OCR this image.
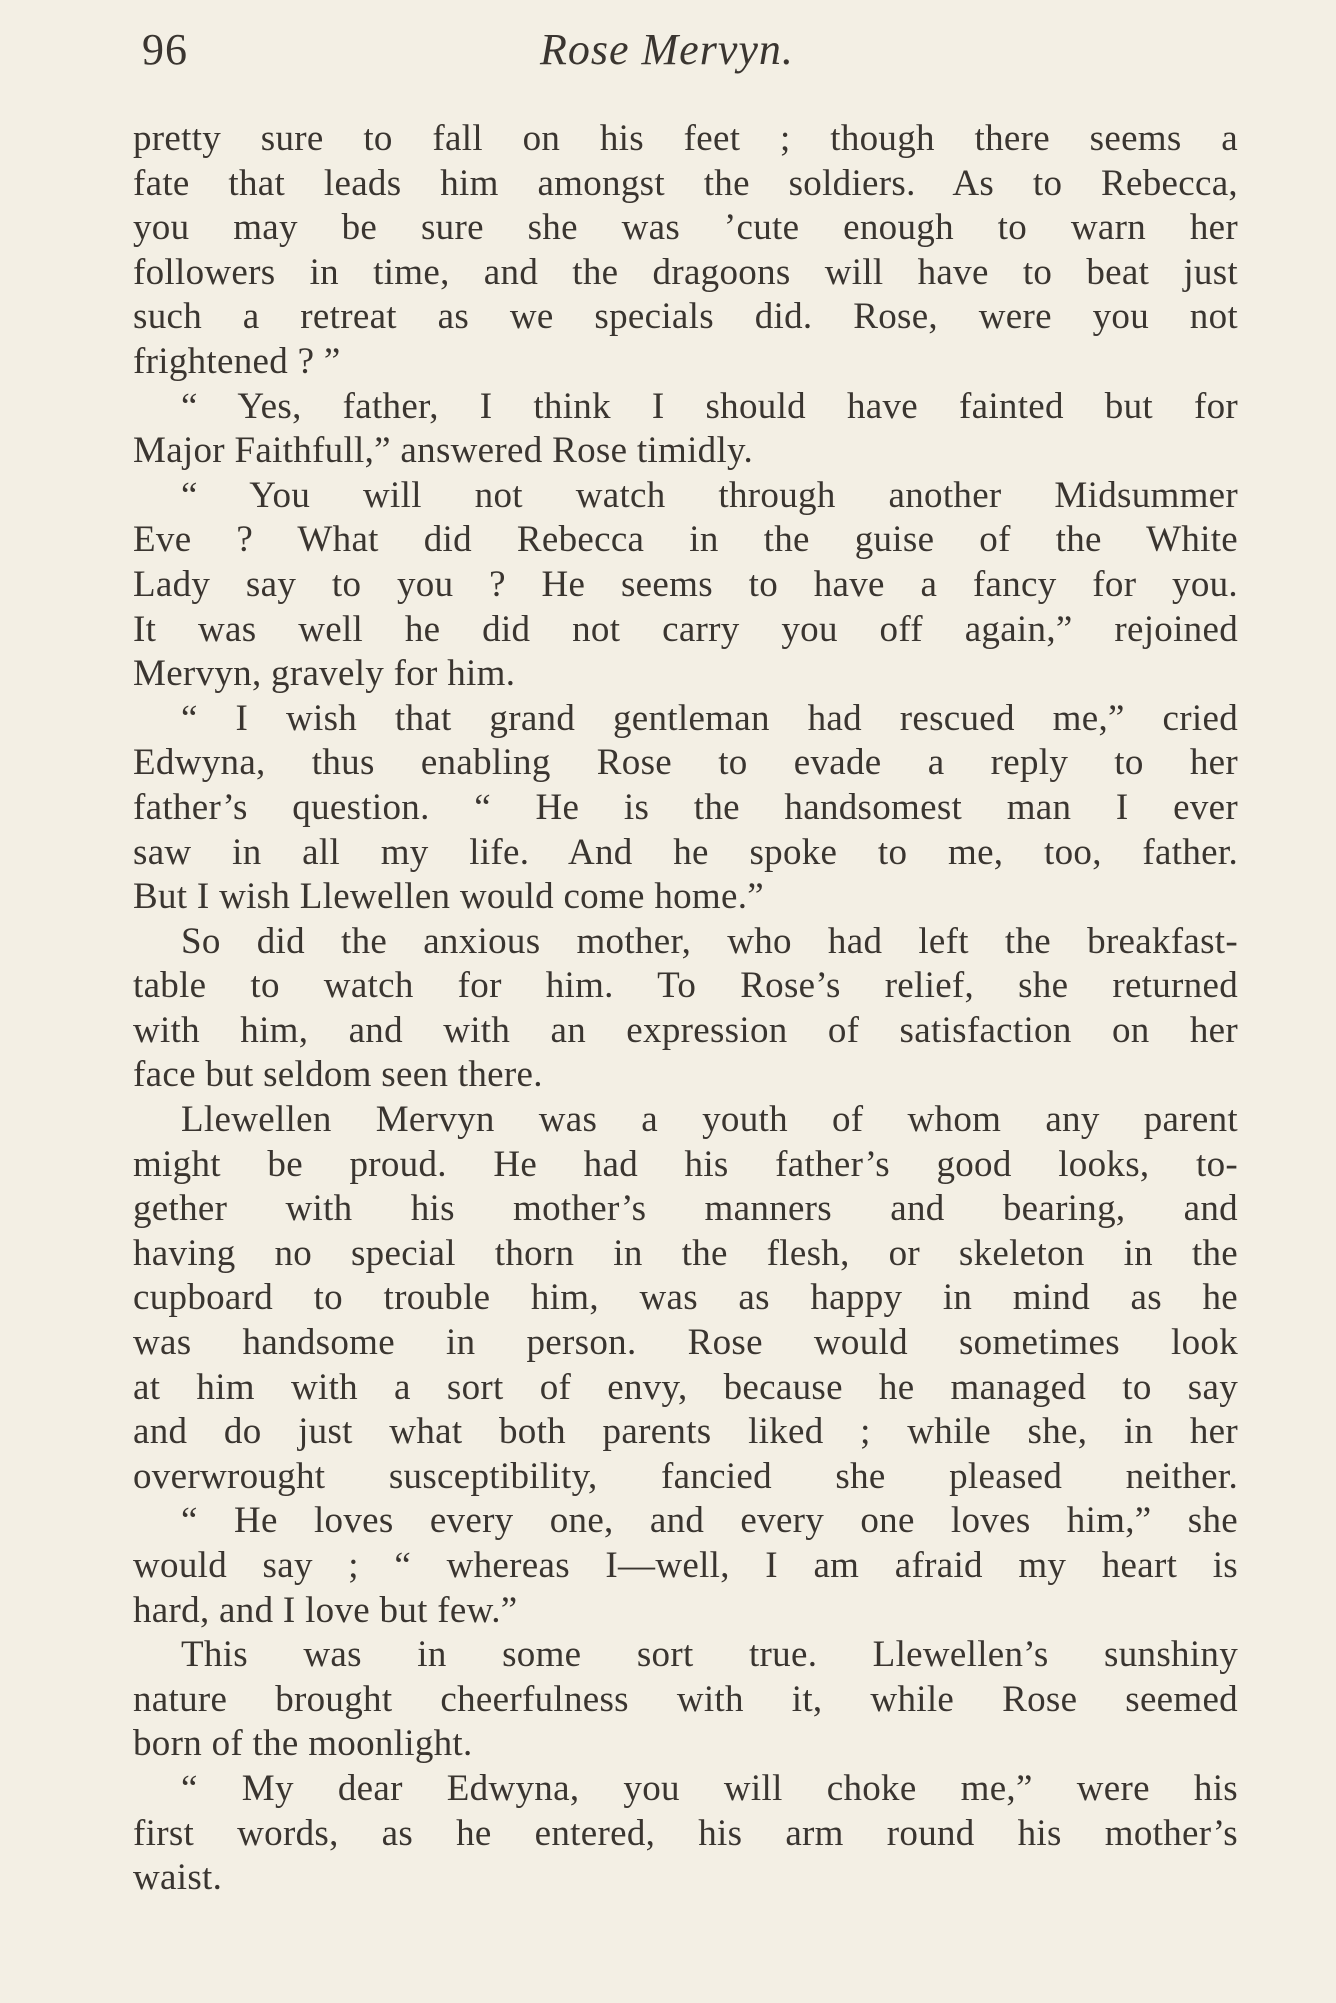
96	Rose Mervyn.
pretty sure to fall on his feet ; though there seems a
fate that leads him amongst the soldiers. As to Rebecca,
you may be sure she was ’cute enough to warn her
followers in time, and the dragoons will have to beat just
such a retreat as we specials did. Rose, were you not
frightened ? ”
“ Yes, father, I think I should have fainted but for
Major Faithfull,” answered Rose timidly.
“ You will not watch through another Midsummer
Eve ? What did Rebecca in the guise of the White
Lady say to you ? He seems to have a fancy for you.
It was well he did not carry you off again,” rejoined
Mervyn, gravely for him.
“ I wish that grand gentleman had rescued me,” cried
Edwyna, thus enabling Rose to evade a reply to her
father’s question. “ He is the handsomest man I ever
saw in all my life. And he spoke to me, too, father.
But I wish Llewellen would come home.”
So did the anxious mother, who had left the breakfast-
table to watch for him. To Rose’s relief, she returned
with him, and with an expression of satisfaction on her
face but seldom seen there.
Llewellen Mervyn was a youth of whom any parent
might be proud. He had his father’s good looks, to-
gether with his mother’s manners and bearing, and
having no special thorn in the flesh, or skeleton in the
cupboard to trouble him, was as happy in mind as he
was handsome in person. Rose would sometimes look
at him with a sort of envy, because he managed to say
and do just what both parents liked ; while she, in her
overwrought susceptibility, fancied she pleased neither.
“ He loves every one, and every one loves him,” she
would say ; “ whereas I—well, I am afraid my heart is
hard, and I love but few.”
This was in some sort true. Llewellen’s sunshiny
nature brought cheerfulness with it, while Rose seemed
born of the moonlight.
“ My dear Edwyna, you will choke me,” were his
first words, as he entered, his arm round his mother’s
waist.
